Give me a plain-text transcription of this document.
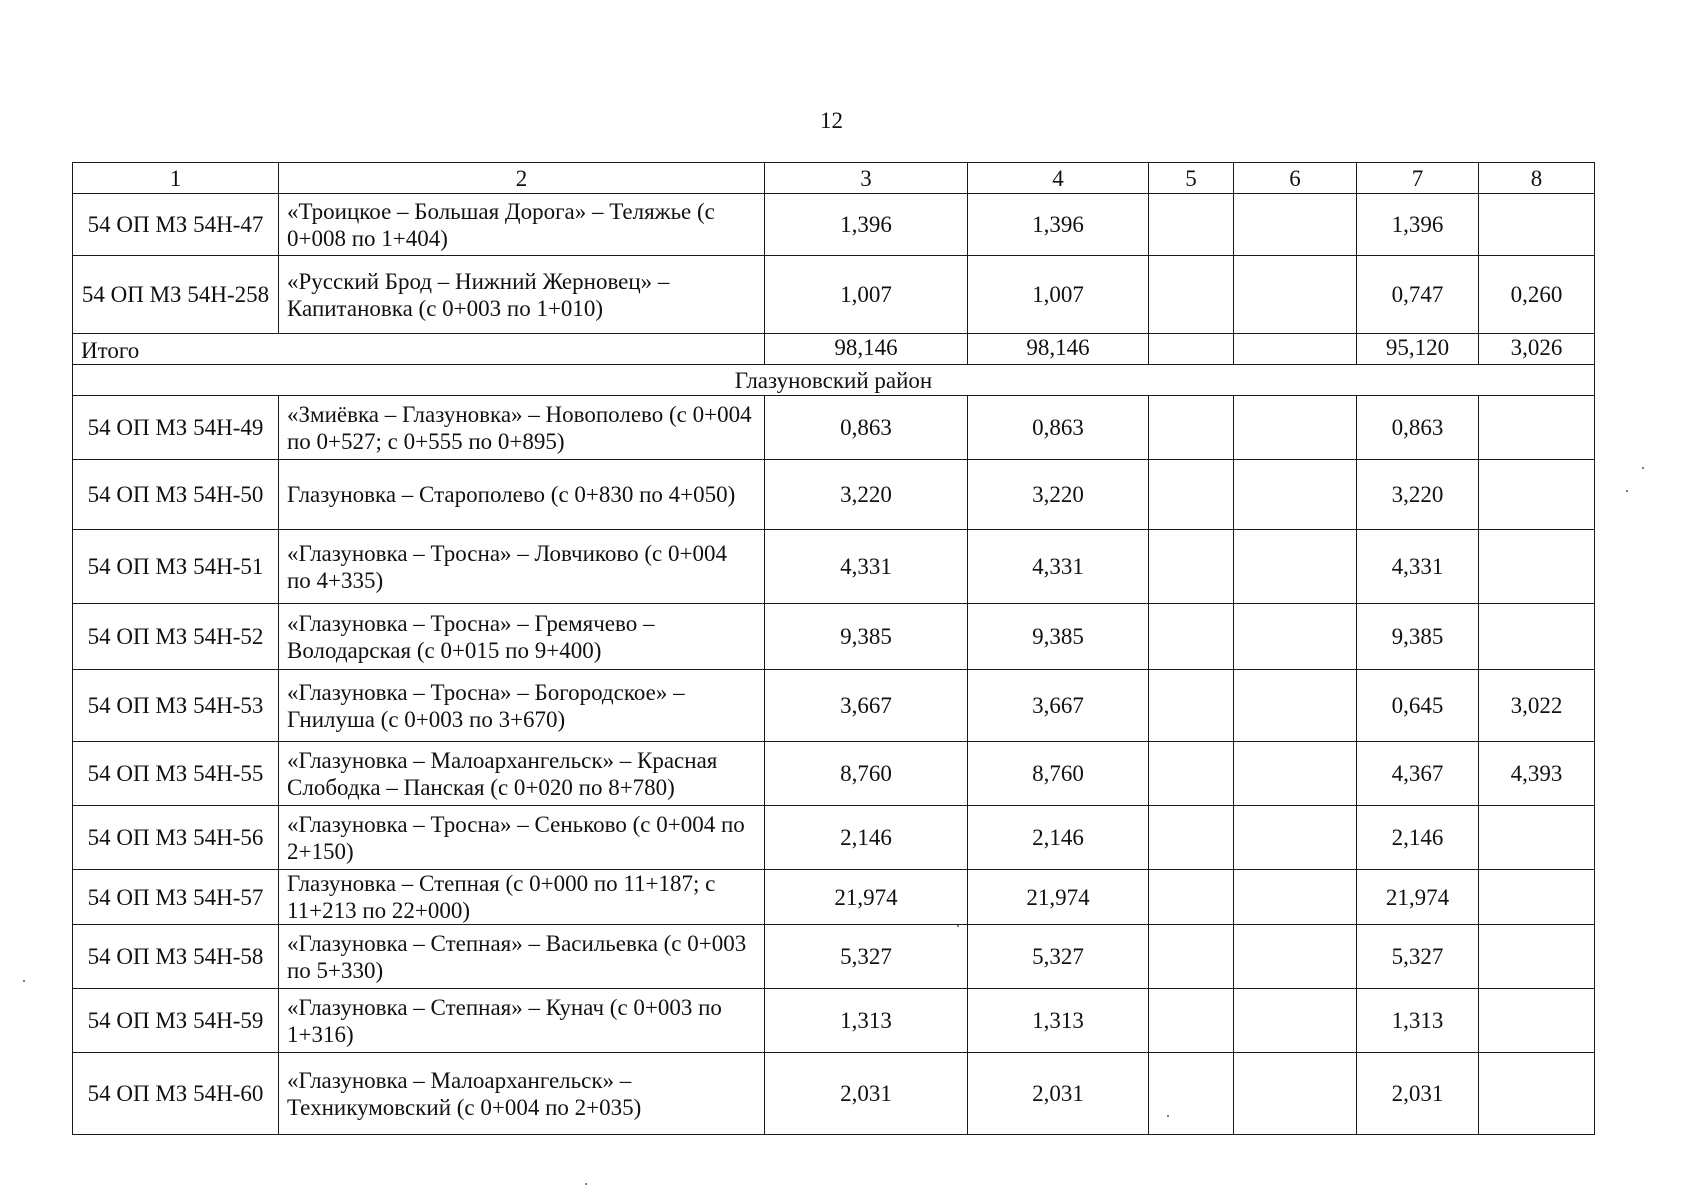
12
1	2	3	4	5	6	7	8
54 ОП МЗ 54Н-47	«Троицкое – Большая Дорога» – Теляжье (с 0+008 по 1+404)	1,396	1,396			1,396	
54 ОП МЗ 54Н-258	«Русский Брод – Нижний Жерновец» – Капитановка (с 0+003 по 1+010)	1,007	1,007			0,747	0,260
Итого		98,146	98,146			95,120	3,026
Глазуновский район							
54 ОП МЗ 54Н-49	«Змиёвка – Глазуновка» – Новополево (с 0+004 по 0+527; с 0+555 по 0+895)	0,863	0,863			0,863	
54 ОП МЗ 54Н-50	Глазуновка – Старополево (с 0+830 по 4+050)	3,220	3,220			3,220	
54 ОП МЗ 54Н-51	«Глазуновка – Тросна» – Ловчиково (с 0+004 по 4+335)	4,331	4,331			4,331	
54 ОП МЗ 54Н-52	«Глазуновка – Тросна» – Гремячево – Володарская (с 0+015 по 9+400)	9,385	9,385			9,385	
54 ОП МЗ 54Н-53	«Глазуновка – Тросна» – Богородское» – Гнилуша (с 0+003 по 3+670)	3,667	3,667			0,645	3,022
54 ОП МЗ 54Н-55	«Глазуновка – Малоархангельск» – Красная Слободка – Панская (с 0+020 по 8+780)	8,760	8,760			4,367	4,393
54 ОП МЗ 54Н-56	«Глазуновка – Тросна» – Сеньково (с 0+004 по 2+150)	2,146	2,146			2,146	
54 ОП МЗ 54Н-57	Глазуновка – Степная (с 0+000 по 11+187; с 11+213 по 22+000)	21,974	21,974			21,974	
54 ОП МЗ 54Н-58	«Глазуновка – Степная» – Васильевка (с 0+003 по 5+330)	5,327	5,327			5,327	
54 ОП МЗ 54Н-59	«Глазуновка – Степная» – Кунач (с 0+003 по 1+316)	1,313	1,313			1,313	
54 ОП МЗ 54Н-60	«Глазуновка – Малоархангельск» – Техникумовский (с 0+004 по 2+035)	2,031	2,031			2,031	
